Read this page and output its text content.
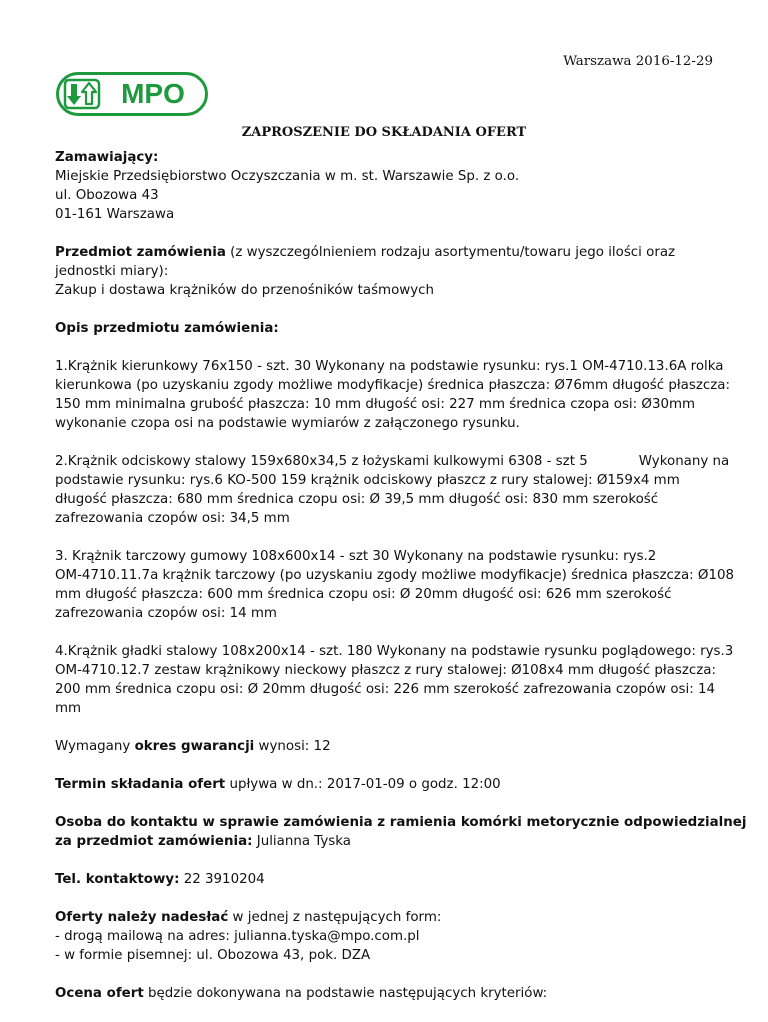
Warszawa 2016-12-29
MPO
ZAPROSZENIE DO SKŁADANIA OFERT
Zamawiający:
Miejskie Przedsiębiorstwo Oczyszczania w m. st. Warszawie Sp. z o.o.
ul. Obozowa 43
01-161 Warszawa
Przedmiot zamówienia (z wyszczególnieniem rodzaju asortymentu/towaru jego ilości oraz
jednostki miary):
Zakup i dostawa krążników do przenośników taśmowych
Opis przedmiotu zamówienia:
1.Krążnik kierunkowy 76x150 - szt. 30 Wykonany na podstawie rysunku: rys.1 OM-4710.13.6A rolka
kierunkowa (po uzyskaniu zgody możliwe modyfikacje) średnica płaszcza: Ø76mm długość płaszcza:
150 mm minimalna grubość płaszcza: 10 mm długość osi: 227 mm średnica czopa osi: Ø30mm
wykonanie czopa osi na podstawie wymiarów z załączonego rysunku.
2.Krążnik odciskowy stalowy 159x680x34,5 z łożyskami kulkowymi 6308 - szt 5            Wykonany na
podstawie rysunku: rys.6 KO-500 159 krążnik odciskowy płaszcz z rury stalowej: Ø159x4 mm
długość płaszcza: 680 mm średnica czopu osi: Ø 39,5 mm długość osi: 830 mm szerokość
zafrezowania czopów osi: 34,5 mm
3. Krążnik tarczowy gumowy 108x600x14 - szt 30 Wykonany na podstawie rysunku: rys.2
OM-4710.11.7a krążnik tarczowy (po uzyskaniu zgody możliwe modyfikacje) średnica płaszcza: Ø108
mm długość płaszcza: 600 mm średnica czopu osi: Ø 20mm długość osi: 626 mm szerokość
zafrezowania czopów osi: 14 mm
4.Krążnik gładki stalowy 108x200x14 - szt. 180 Wykonany na podstawie rysunku poglądowego: rys.3
OM-4710.12.7 zestaw krążnikowy nieckowy płaszcz z rury stalowej: Ø108x4 mm długość płaszcza:
200 mm średnica czopu osi: Ø 20mm długość osi: 226 mm szerokość zafrezowania czopów osi: 14
mm
Wymagany okres gwarancji wynosi: 12
Termin składania ofert upływa w dn.: 2017-01-09 o godz. 12:00
Osoba do kontaktu w sprawie zamówienia z ramienia komórki metorycznie odpowiedzialnej
za przedmiot zamówienia: Julianna Tyska
Tel. kontaktowy: 22 3910204
Oferty należy nadesłać w jednej z następujących form:
- drogą mailową na adres: julianna.tyska@mpo.com.pl
- w formie pisemnej: ul. Obozowa 43, pok. DZA
Ocena ofert będzie dokonywana na podstawie następujących kryteriów:
